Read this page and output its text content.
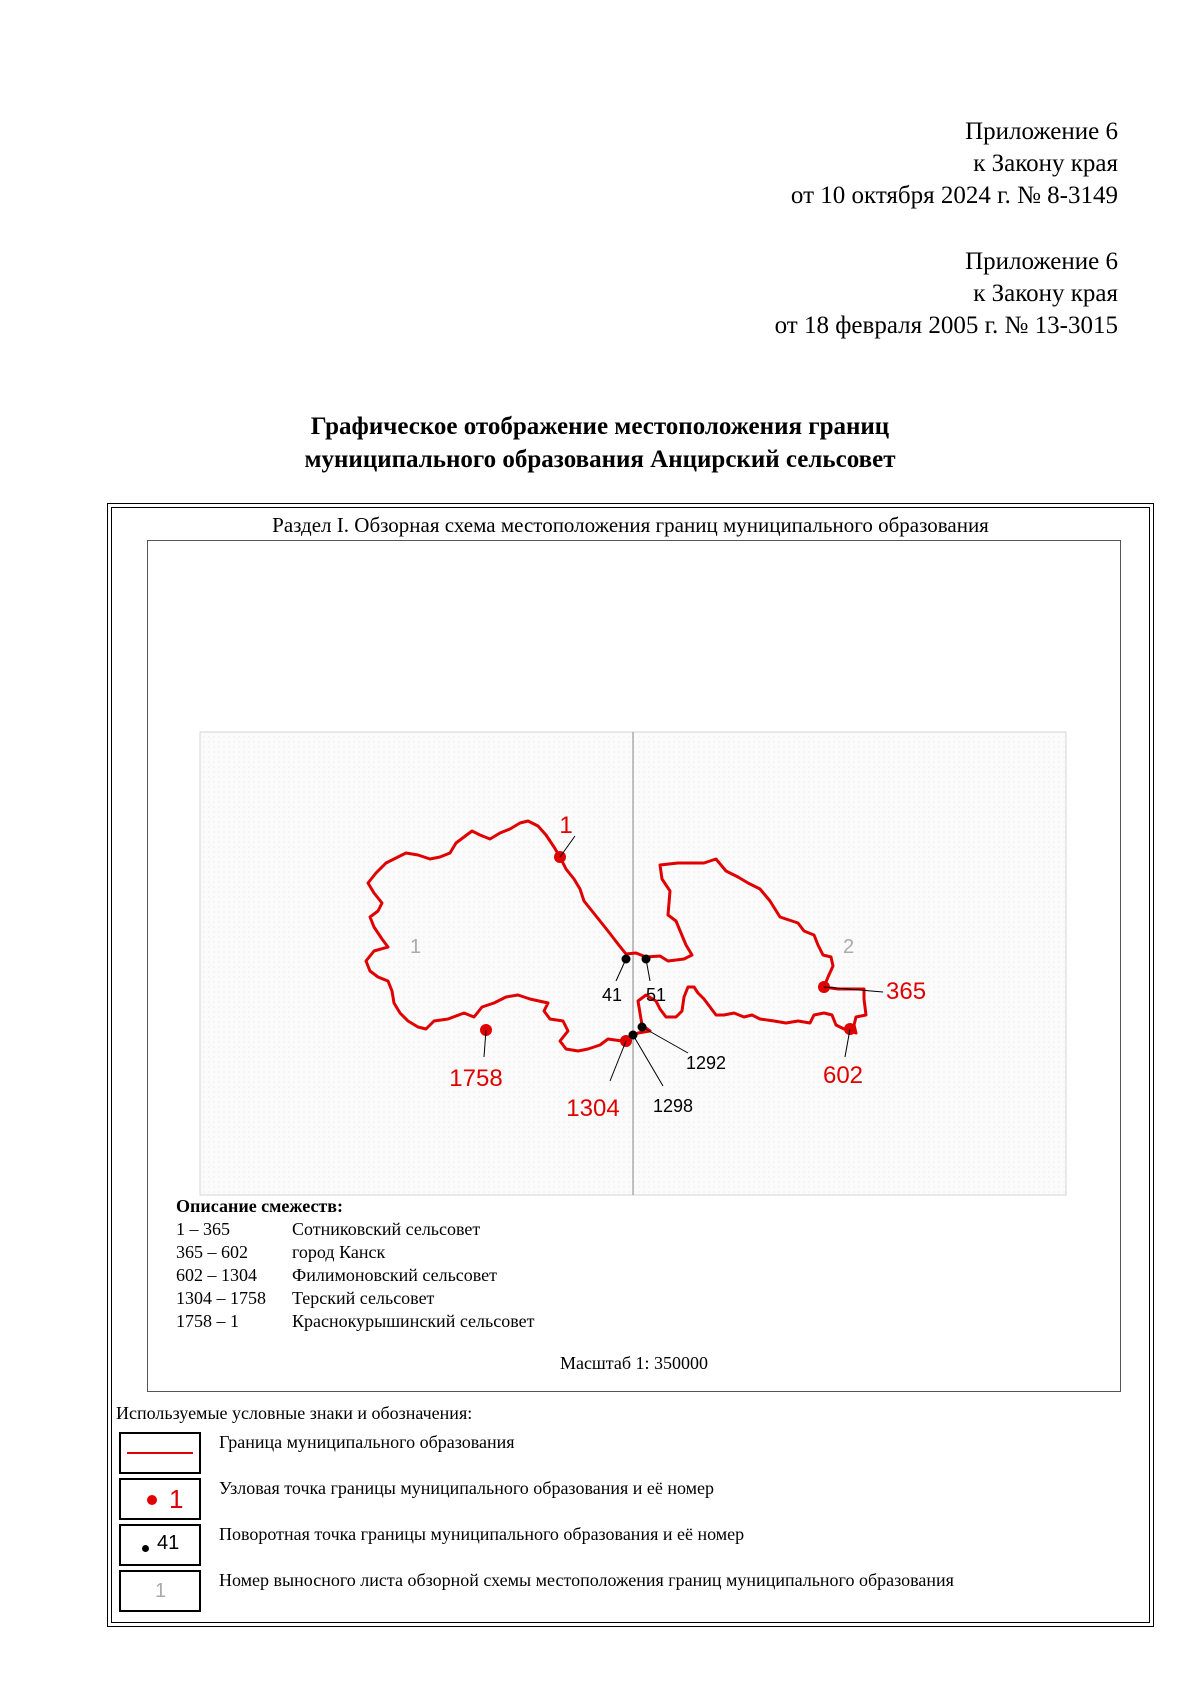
Приложение 6

к Закону края

от 10 октября 2024 г. № 8-3149

Приложение 6

к Закону края

от 18 февраля 2005 г. № 13-3015

Графическое отображение местоположения границ

муниципального образования Анцирский сельсовет

Раздел I. Обзорная схема местоположения границ муниципального образования
1	2
1
365
602
1304
1758
41 51
1292
1298
Описание смежеств:
1 – 365	Сотниковский сельсовет
365 – 602	город Канск
602 – 1304	Филимоновский сельсовет
1304 – 1758	Терский сельсовет
1758 – 1	Краснокурышинский сельсовет
Масштаб 1: 350000
Используемые условные знаки и обозначения:
Граница муниципального образования
1 Узловая точка границы муниципального образования и её номер
41 Поворотная точка границы муниципального образования и её номер
1	Номер выносного листа обзорной схемы местоположения границ муниципального образования
